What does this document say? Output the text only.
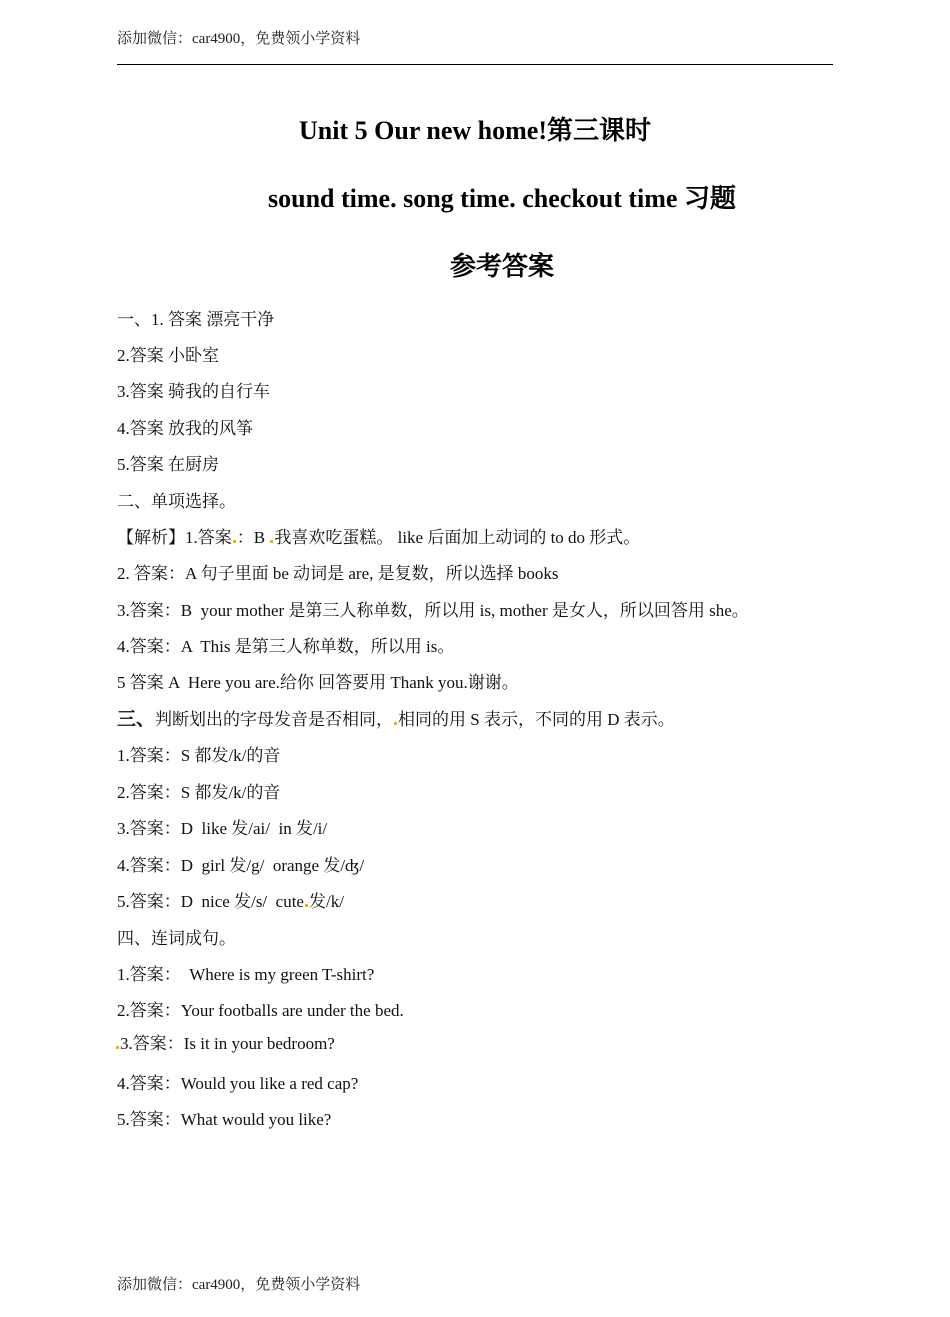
添加微信：car4900，免费领小学资料
Unit 5 Our new home!第三课时
sound time. song time. checkout time 习题
参考答案
一、1. 答案 漂亮干净
2.答案 小卧室
3.答案 骑我的自行车
4.答案 放我的风筝
5.答案 在厨房
二、单项选择。
【解析】1.答案 ：B 我喜欢吃蛋糕。 like 后面加上动词的 to do 形式。
2. 答案：A 句子里面 be 动词是 are, 是复数，所以选择 books
3.答案：B  your mother 是第三人称单数，所以用 is, mother 是女人，所以回答用 she。
4.答案：A  This 是第三人称单数，所以用 is。
5 答案 A  Here you are.给你 回答要用 Thank you.谢谢。
三、判断划出的字母发音是否相同， 相同的用 S 表示，不同的用 D 表示。
1.答案：S 都发/k/的音
2.答案：S 都发/k/的音
3.答案：D  like 发/ai/  in 发/i/
4.答案：D  girl 发/g/  orange 发/ʤ/
5.答案：D  nice 发/s/  cute 发/k/
四、连词成句。
1.答案：  Where is my green T-shirt?
2.答案：Your footballs are under the bed.
3.答案：Is it in your bedroom?
4.答案：Would you like a red cap?
5.答案：What would you like?
添加微信：car4900，免费领小学资料
